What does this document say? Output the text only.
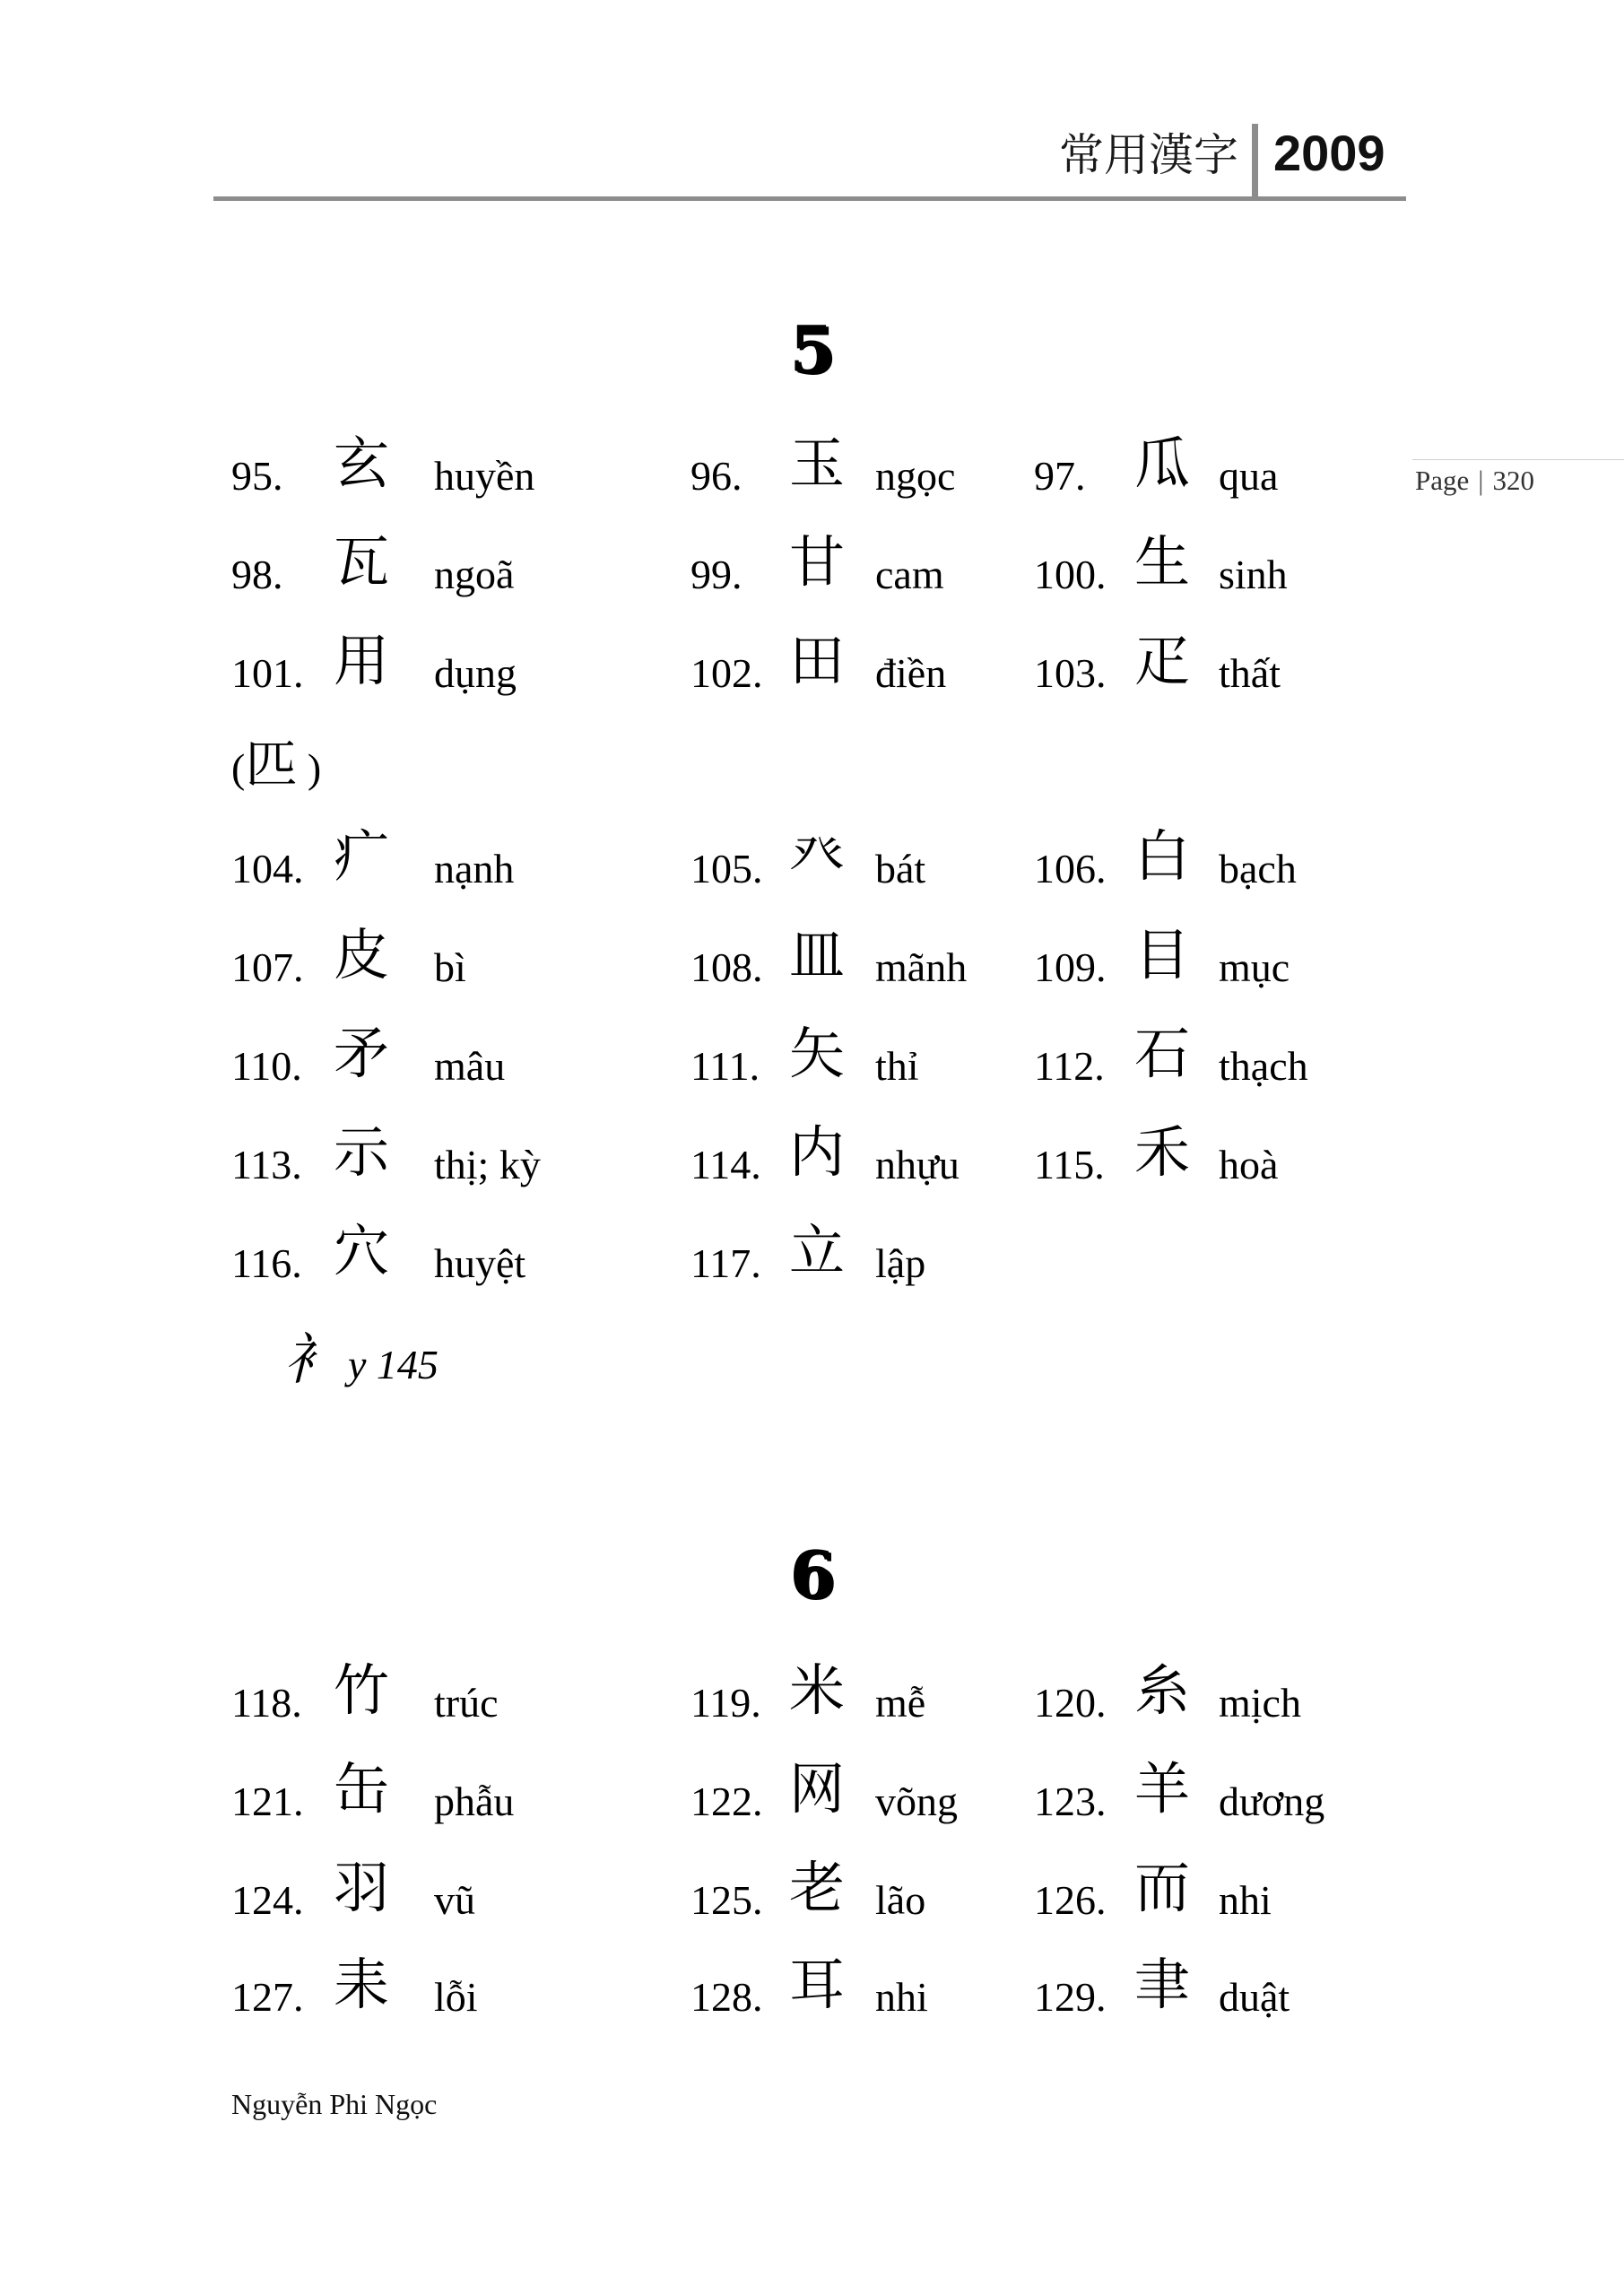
常用漢字 2009
Page | 320
5
95. 玄 huyền	96. 玉 ngọc 97. 瓜 qua
98. 瓦 ngoã	99. 甘 cam 100. 生 sinh
101. 用 dụng	102. 田 điền 103. 疋 thất
(匹 )
104. 疒 nạnh	105. 癶 bát	106. 白 bạch
107. 皮 bì	108. 皿 mãnh 109. 目 mục
110. 矛 mâu	111. 矢 thỉ	112. 石 thạch
113. 示 thị; kỳ	114. 内 nhựu 115. 禾 hoà
116. 穴 huyệt	117. 立 lập
衤 y 145
6
118. 竹 trúc	119. 米 mễ	120. 糸 mịch
121. 缶 phẫu	122. 网 võng 123. 羊 dương
124. 羽 vũ	125. 老 lão	126. 而 nhi
127. 耒 lỗi	128. 耳 nhi	129. 聿 duật
Nguyễn Phi Ngọc
